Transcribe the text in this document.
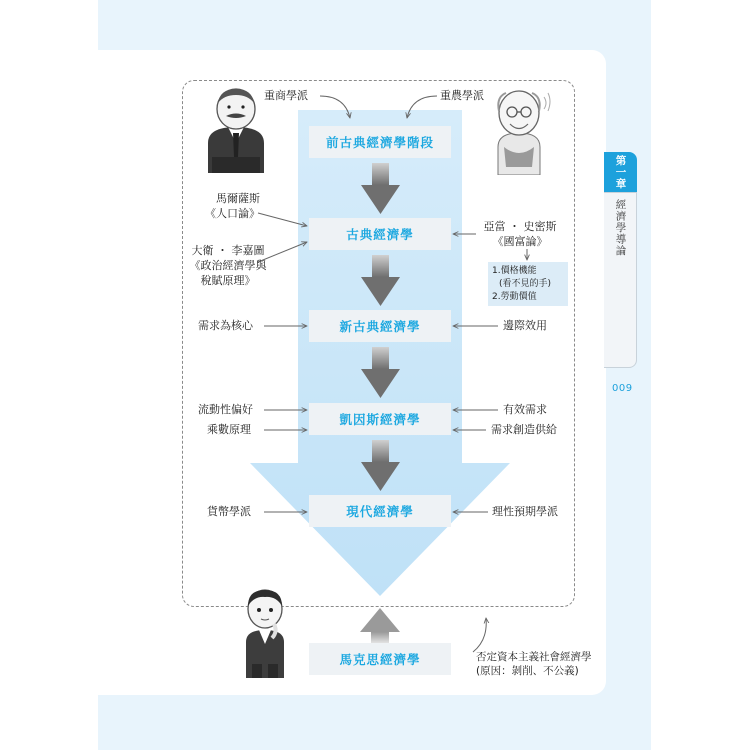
第一章
經濟學導論
009
前古典經濟學階段
古典經濟學
新古典經濟學
凱因斯經濟學
現代經濟學
馬克思經濟學
重商學派	重農學派
馬爾薩斯
《人口論》
大衛 ・ 李嘉圖
《政治經濟學與
稅賦原理》
亞當 ・ 史密斯
《國富論》
1.價格機能
(看不見的手)
2.勞動價值
需求為核心	邊際效用
流動性偏好
乘數原理
有效需求
需求創造供給
貨幣學派	理性預期學派
否定資本主義社會經濟學
(原因：剝削、不公義)
